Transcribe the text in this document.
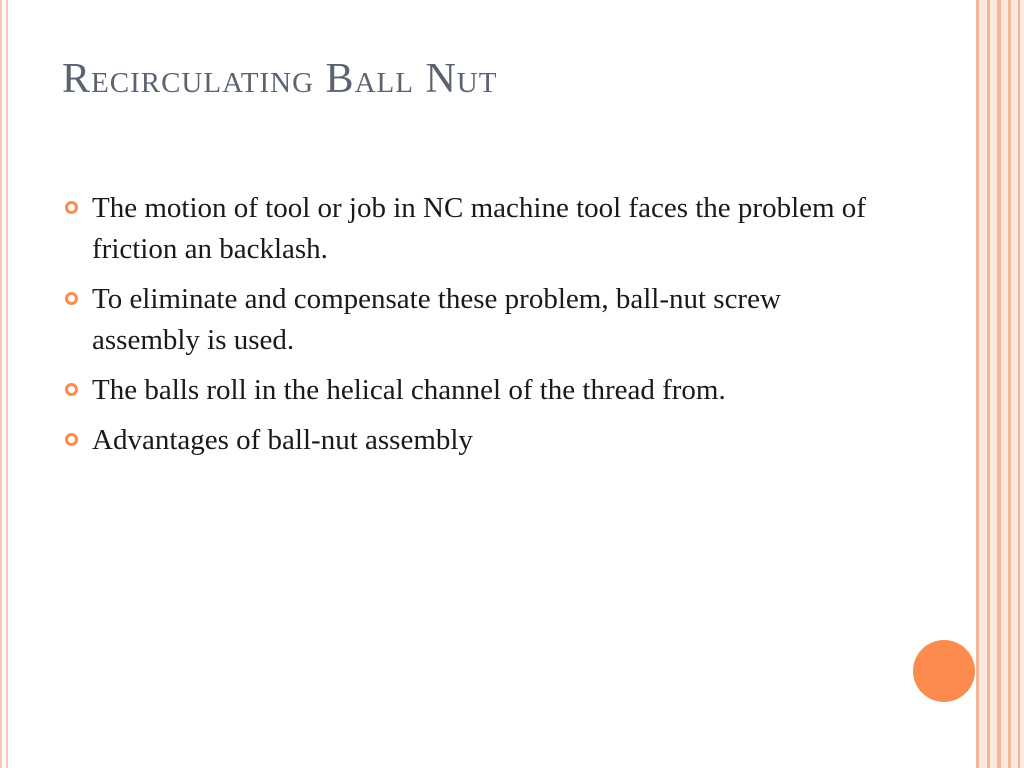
Recirculating Ball Nut
The motion of tool or job in NC machine tool faces the problem of friction an backlash.
To eliminate and compensate these problem, ball-nut screw assembly is used.
The balls roll in the helical channel of the thread from.
Advantages of ball-nut assembly
